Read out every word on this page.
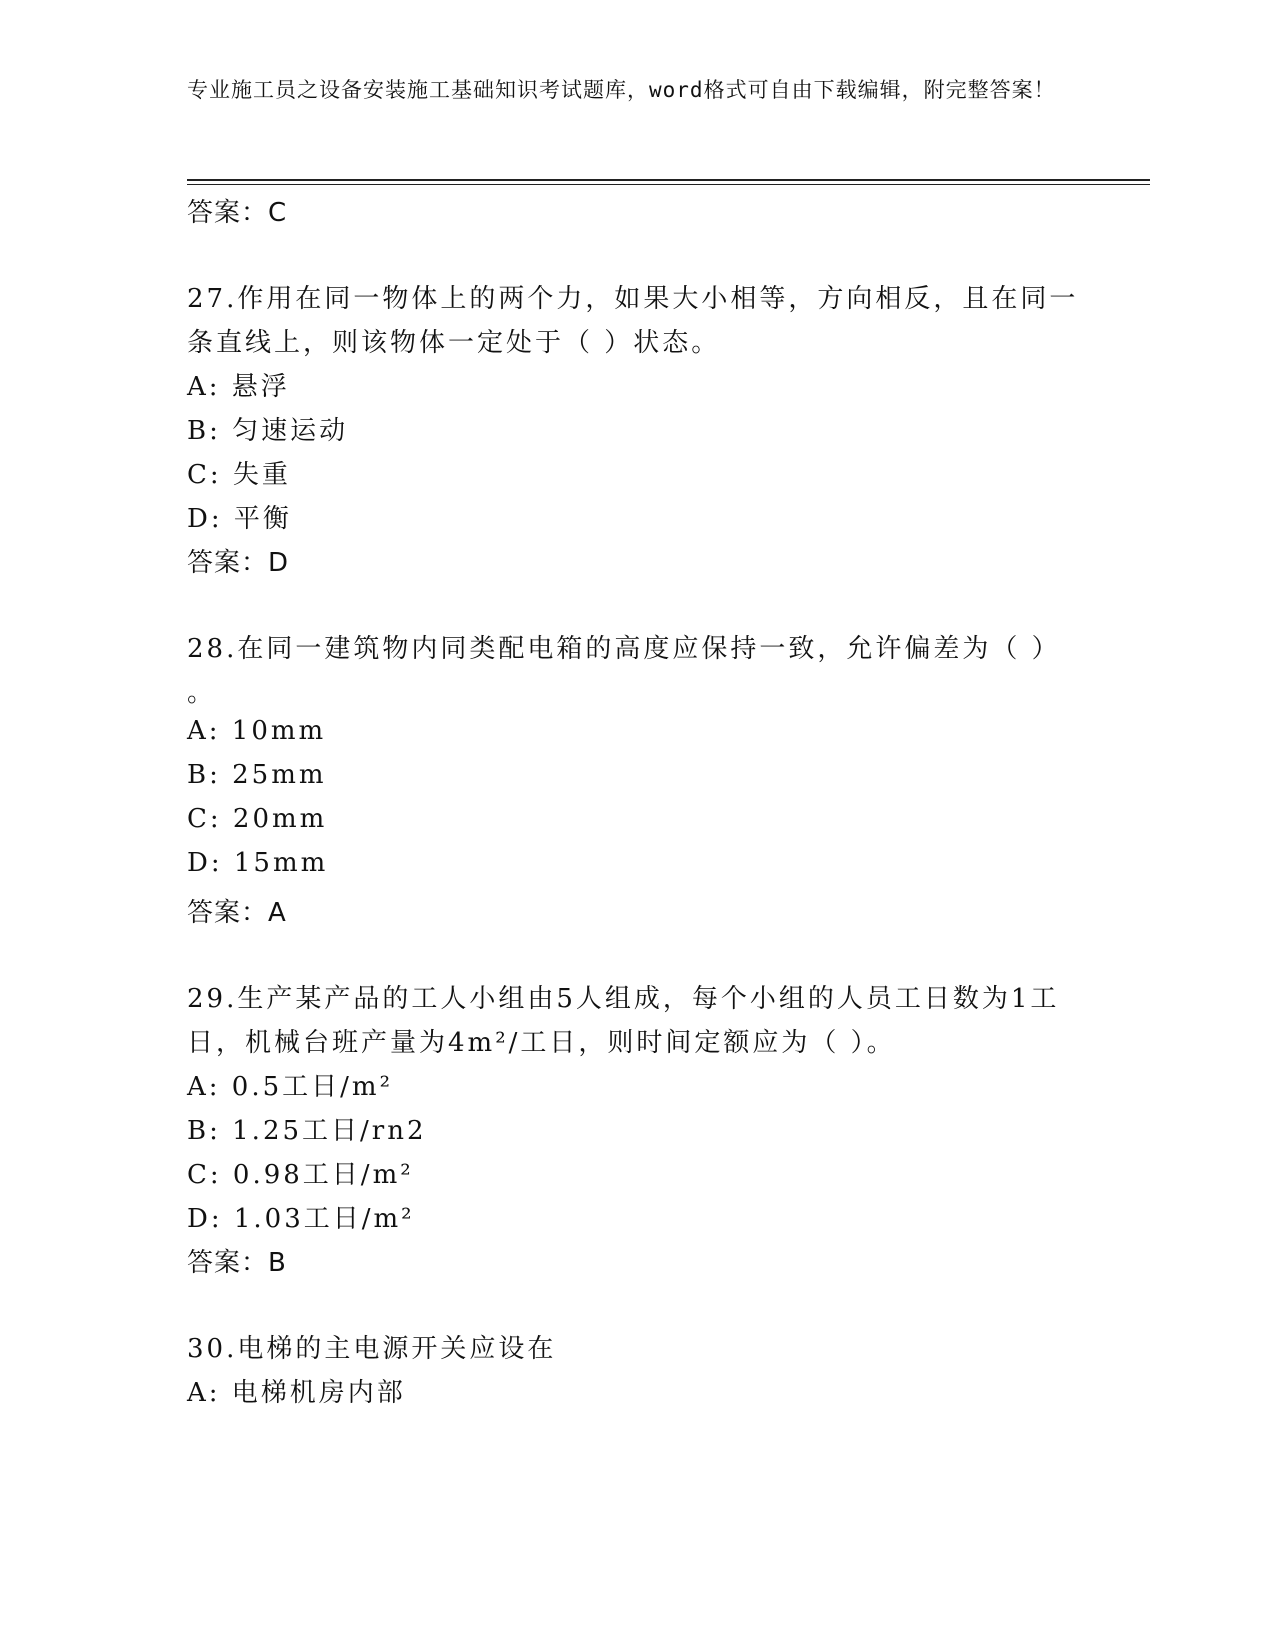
专业施工员之设备安装施工基础知识考试题库，word格式可自由下载编辑，附完整答案！
答案：C
27.作用在同一物体上的两个力，如果大小相等，方向相反，且在同一
条直线上，则该物体一定处于（ ）状态。
A: 悬浮
B: 匀速运动
C: 失重
D: 平衡
答案：D
28.在同一建筑物内同类配电箱的高度应保持一致，允许偏差为（ ）
。
A: 10mm
B: 25mm
C: 20mm
D: 15mm
答案：A
29.生产某产品的工人小组由5人组成，每个小组的人员工日数为1工
日，机械台班产量为4m²/工日，则时间定额应为（ ）。
A: 0.5工日/m²
B: 1.25工日/rn2
C: 0.98工日/m²
D: 1.03工日/m²
答案：B
30.电梯的主电源开关应设在
A: 电梯机房内部
